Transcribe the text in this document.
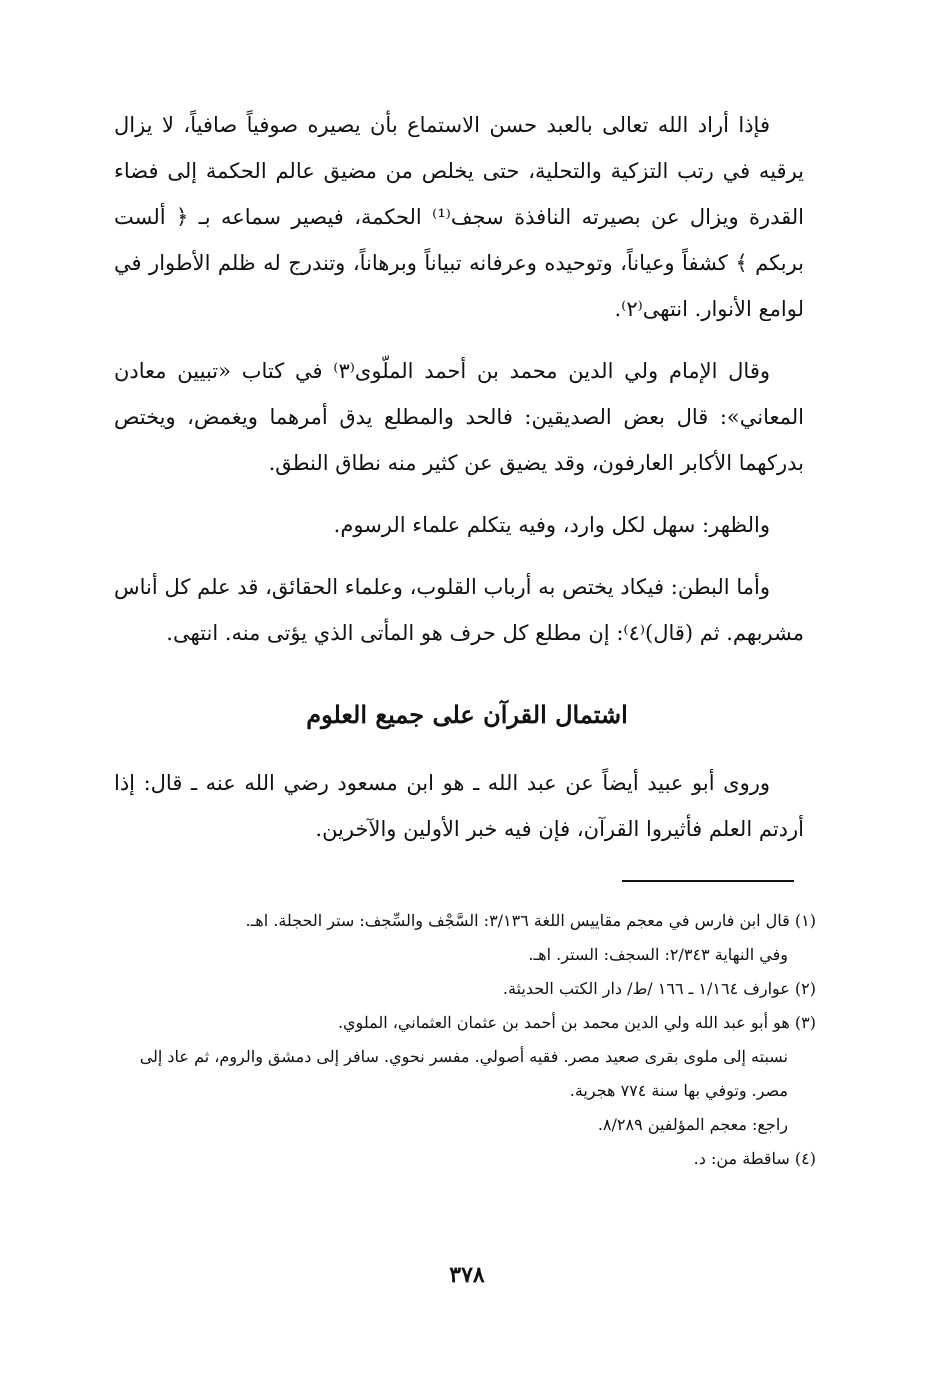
فإذا أراد الله تعالى بالعبد حسن الاستماع بأن يصيره صوفياً صافياً، لا يزال يرقيه في رتب التزكية والتحلية، حتى يخلص من مضيق عالم الحكمة إلى فضاء القدرة ويزال عن بصيرته النافذة سجف⁽¹⁾ الحكمة، فيصير سماعه بـ ﴿ ألست بربكم ﴾ كشفاً وعياناً، وتوحيده وعرفانه تبياناً وبرهاناً، وتندرج له ظلم الأطوار في لوامع الأنوار. انتهى⁽٢⁾.

وقال الإمام ولي الدين محمد بن أحمد الملّوى⁽٣⁾ في كتاب «تبيين معادن المعاني»: قال بعض الصديقين: فالحد والمطلع يدق أمرهما ويغمض، ويختص بدركهما الأكابر العارفون، وقد يضيق عن كثير منه نطاق النطق.

والظهر: سهل لكل وارد، وفيه يتكلم علماء الرسوم.

وأما البطن: فيكاد يختص به أرباب القلوب، وعلماء الحقائق، قد علم كل أناس مشربهم. ثم (قال)⁽٤⁾: إن مطلع كل حرف هو المأتى الذي يؤتى منه. انتهى.

اشتمال القرآن على جميع العلوم

وروى أبو عبيد أيضاً عن عبد الله ـ هو ابن مسعود رضي الله عنه ـ قال: إذا أردتم العلم فأثيروا القرآن، فإن فيه خبر الأولين والآخرين.

(١) قال ابن فارس في معجم مقاييس اللغة ٣/١٣٦: السَّجْف والسِّجف: ستر الحجلة. اهـ.

وفي النهاية ٢/٣٤٣: السجف: الستر. اهـ.

(٢) عوارف ١/١٦٤ ـ ١٦٦ /ط/ دار الكتب الحديثة.

(٣) هو أبو عبد الله ولي الدين محمد بن أحمد بن عثمان العثماني، الملوي.

نسبته إلى ملوى بقرى صعيد مصر. فقيه أصولي. مفسر نحوي. سافر إلى دمشق والروم، ثم عاد إلى مصر. وتوفي بها سنة ٧٧٤ هجرية.

راجع: معجم المؤلفين ٨/٢٨٩.

(٤) ساقطة من: د.

٣٧٨
